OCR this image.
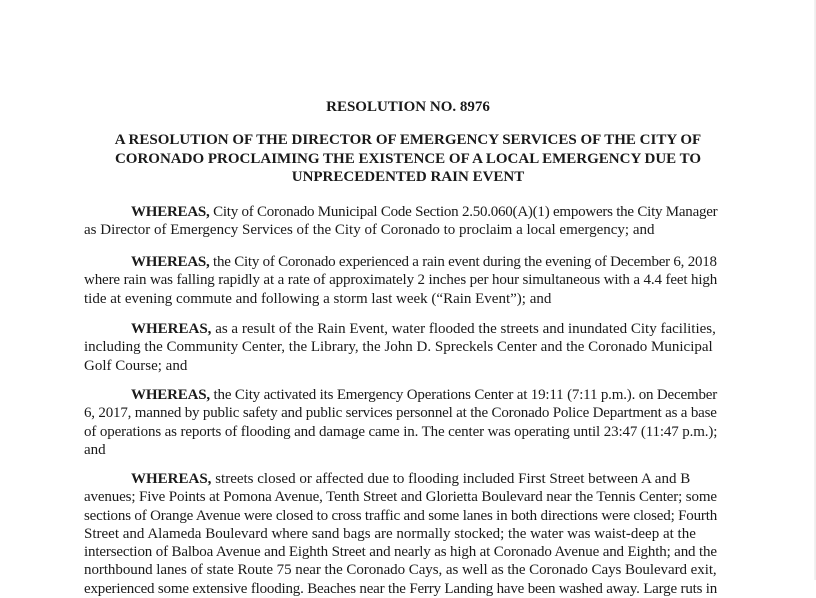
RESOLUTION NO. 8976
A RESOLUTION OF THE DIRECTOR OF EMERGENCY SERVICES OF THE CITY OF
CORONADO PROCLAIMING THE EXISTENCE OF A LOCAL EMERGENCY DUE TO
UNPRECEDENTED RAIN EVENT
WHEREAS, City of Coronado Municipal Code Section 2.50.060(A)(1) empowers the City Manager
as Director of Emergency Services of the City of Coronado to proclaim a local emergency; and
WHEREAS, the City of Coronado experienced a rain event during the evening of December 6, 2018
where rain was falling rapidly at a rate of approximately 2 inches per hour simultaneous with a 4.4 feet high
tide at evening commute and following a storm last week (“Rain Event”); and
WHEREAS, as a result of the Rain Event, water flooded the streets and inundated City facilities,
including the Community Center, the Library, the John D. Spreckels Center and the Coronado Municipal
Golf Course; and
WHEREAS, the City activated its Emergency Operations Center at 19:11 (7:11 p.m.). on December
6, 2017, manned by public safety and public services personnel at the Coronado Police Department as a base
of operations as reports of flooding and damage came in. The center was operating until 23:47 (11:47 p.m.);
and
WHEREAS, streets closed or affected due to flooding included First Street between A and B
avenues; Five Points at Pomona Avenue, Tenth Street and Glorietta Boulevard near the Tennis Center; some
sections of Orange Avenue were closed to cross traffic and some lanes in both directions were closed; Fourth
Street and Alameda Boulevard where sand bags are normally stocked; the water was waist-deep at the
intersection of Balboa Avenue and Eighth Street and nearly as high at Coronado Avenue and Eighth; and the
northbound lanes of state Route 75 near the Coronado Cays, as well as the Coronado Cays Boulevard exit,
experienced some extensive flooding. Beaches near the Ferry Landing have been washed away. Large ruts in
